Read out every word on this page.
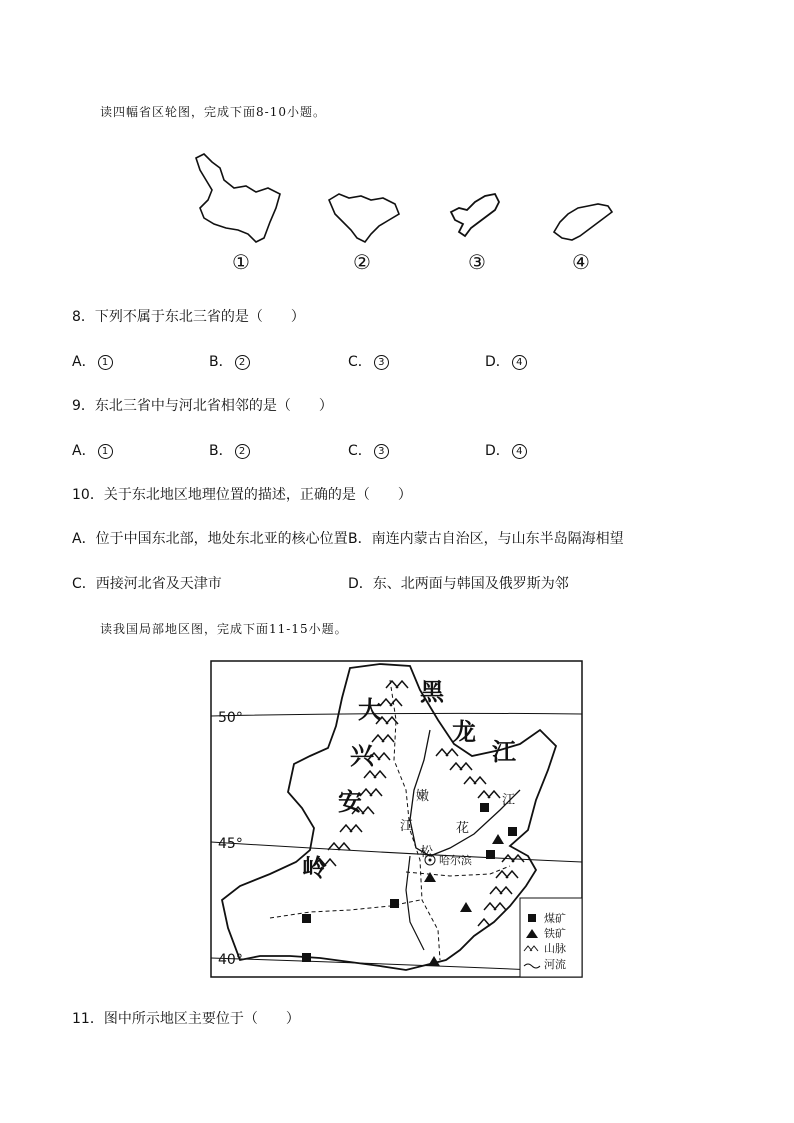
读四幅省区轮图，完成下面8-10小题。
①	②	③	④
8．下列不属于东北三省的是（　　）
A． 1	B． 2	C． 3	D． 4
9．东北三省中与河北省相邻的是（　　）
A． 1	B． 2	C． 3	D． 4
10．关于东北地区地理位置的描述，正确的是（　　）
A．位于中国东北部，地处东北亚的核心位置 B．南连内蒙古自治区，与山东半岛隔海相望
C．西接河北省及天津市	D．东、北两面与韩国及俄罗斯为邻
读我国局部地区图，完成下面11-15小题。
哈尔滨
50°
45°
40°
黑
龙
江
大
兴
安
岭
嫩
江
松
花
江
煤矿
铁矿
山脉
河流
11．图中所示地区主要位于（　　）
